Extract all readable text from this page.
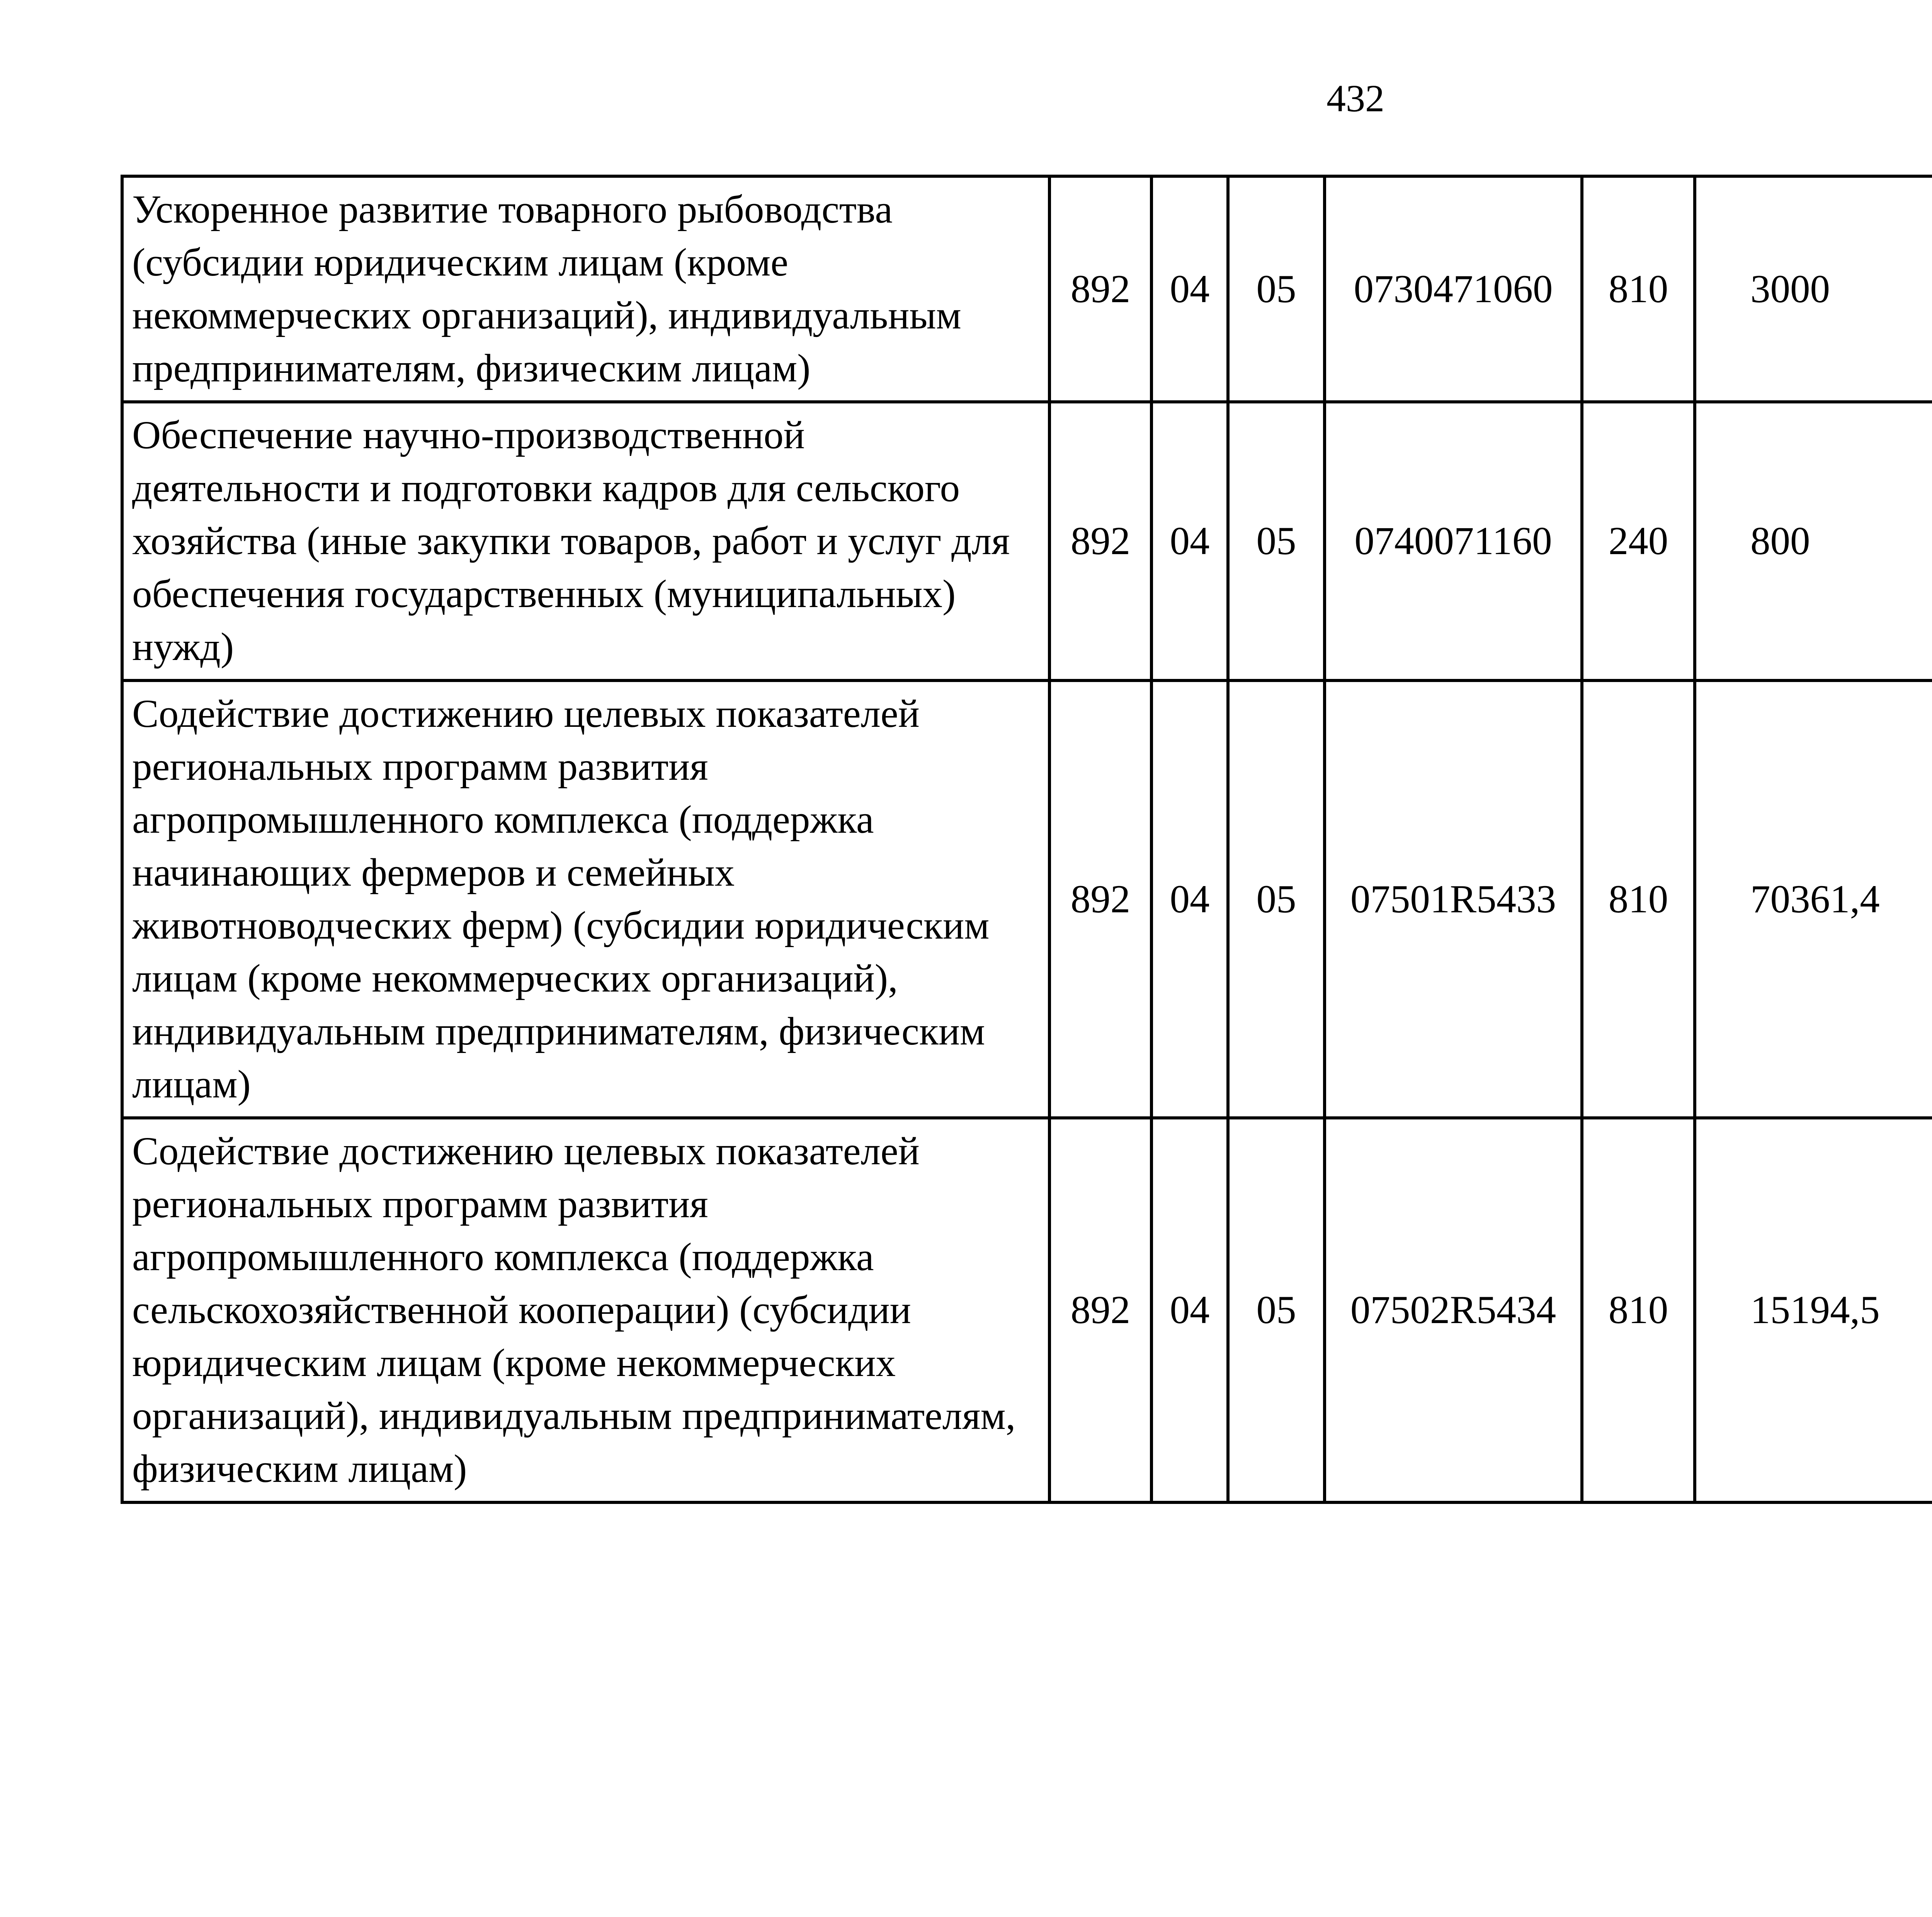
432
Ускоренное развитие товарного рыбоводства (субсидии юридическим лицам (кроме некоммерческих организаций), индивидуальным предпринимателям, физическим лицам)	892	04	05	0730471060	810	3000		
Обеспечение научно-производственной деятельности и подготовки кадров для сельского хозяйства (иные закупки товаров, работ и услуг для обеспечения государственных (муниципальных) нужд)	892	04	05	0740071160	240	800		
Содействие достижению целевых показателей региональных программ развития агропромышленного комплекса (поддержка начинающих фермеров и семейных животноводческих ферм) (субсидии юридическим лицам (кроме некоммерческих организаций), индивидуальным предпринимателям, физическим лицам)	892	04	05	07501R5433	810	70361,4		
Содействие достижению целевых показателей региональных программ развития агропромышленного комплекса (поддержка сельскохозяйственной кооперации) (субсидии юридическим лицам (кроме некоммерческих организаций), индивидуальным предпринимателям, физическим лицам)	892	04	05	07502R5434	810	15194,5		
